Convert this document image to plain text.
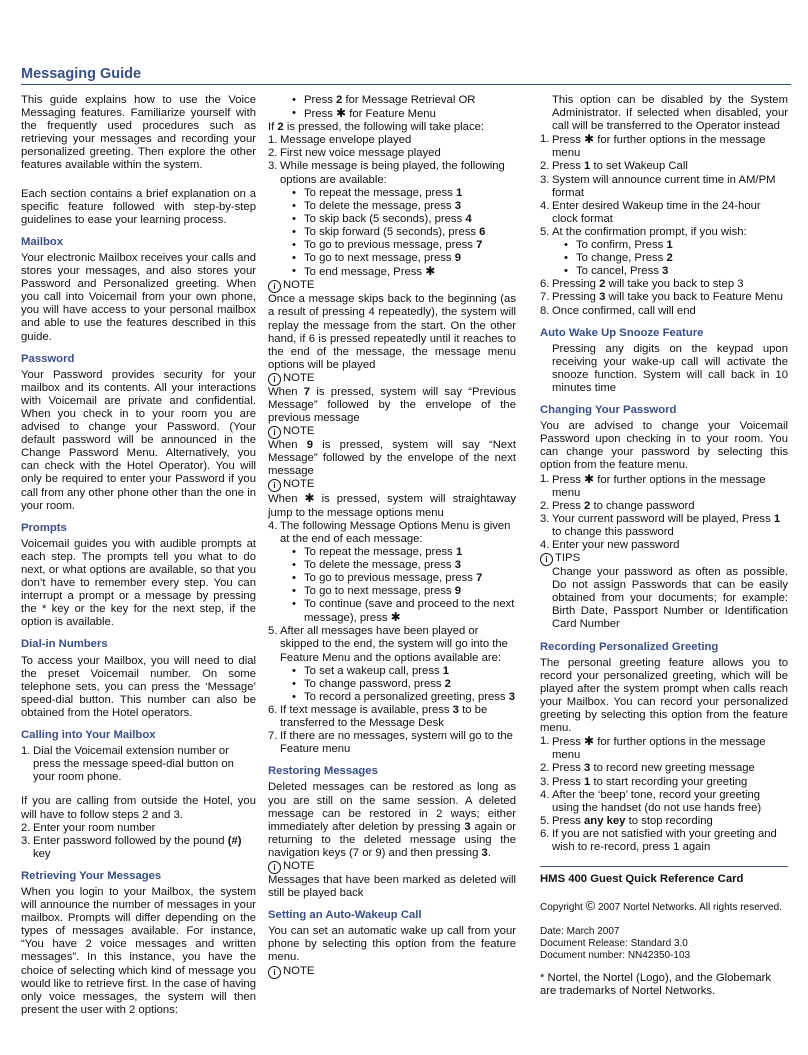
Messaging Guide

This guide explains how to use the Voice Messaging features. Familiarize yourself with the frequently used procedures such as retrieving your messages and recording your personalized greeting. Then explore the other features available within the system.

Each section contains a brief explanation on a specific feature followed with step-by-step guidelines to ease your learning process.

Mailbox

Your electronic Mailbox receives your calls and stores your messages, and also stores your Password and Personalized greeting. When you call into Voicemail from your own phone, you will have access to your personal mailbox and able to use the features described in this guide.

Password

Your Password provides security for your mailbox and its contents. All your interactions with Voicemail are private and confidential. When you check in to your room you are advised to change your Password. (Your default password will be announced in the Change Password Menu. Alternatively, you can check with the Hotel Operator). You will only be required to enter your Password if you call from any other phone other than the one in your room.

Prompts

Voicemail guides you with audible prompts at each step. The prompts tell you what to do next, or what options are available, so that you don’t have to remember every step. You can interrupt a prompt or a message by pressing the * key or the key for the next step, if the option is available.

Dial-in Numbers

To access your Mailbox, you will need to dial the preset Voicemail number. On some telephone sets, you can press the ‘Message’ speed-dial button. This number can also be obtained from the Hotel operators.

Calling into Your Mailbox
1. Dial the Voicemail extension number or press the message speed-dial button on your room phone.

If you are calling from outside the Hotel, you will have to follow steps 2 and 3.

2. Enter your room number
3. Enter password followed by the pound (#) key
Retrieving Your Messages

When you login to your Mailbox, the system will announce the number of messages in your mailbox. Prompts will differ depending on the types of messages available. For instance, “You have 2 voice messages and written messages”. In this instance, you have the choice of selecting which kind of message you would like to retrieve first. In the case of having only voice messages, the system will then present the user with 2 options:

• Press 2 for Message Retrieval OR
• Press ✱ for Feature Menu
If 2 is pressed, the following will take place:
1. Message envelope played
2. First new voice message played
3. While message is being played, the following options are available:
• To repeat the message, press 1
• To delete the message, press 3
• To skip back (5 seconds), press 4
• To skip forward (5 seconds), press 6
• To go to previous message, press 7
• To go to next message, press 9
• To end message, Press ✱
i NOTE

Once a message skips back to the beginning (as a result of pressing 4 repeatedly), the system will replay the message from the start. On the other hand, if 6 is pressed repeatedly until it reaches to the end of the message, the message menu options will be played

i NOTE

When 7 is pressed, system will say “Previous Message” followed by the envelope of the previous message

i NOTE

When 9 is pressed, system will say “Next Message” followed by the envelope of the next message

i NOTE

When ✱ is pressed, system will straightaway jump to the message options menu

4. The following Message Options Menu is given at the end of each message:
• To repeat the message, press 1
• To delete the message, press 3
• To go to previous message, press 7
• To go to next message, press 9
• To continue (save and proceed to the next message), press ✱
5. After all messages have been played or skipped to the end, the system will go into the Feature Menu and the options available are:
• To set a wakeup call, press 1
• To change password, press 2
• To record a personalized greeting, press 3
6. If text message is available, press 3 to be transferred to the Message Desk
7. If there are no messages, system will go to the Feature menu
Restoring Messages

Deleted messages can be restored as long as you are still on the same session. A deleted message can be restored in 2 ways; either immediately after deletion by pressing 3 again or returning to the deleted message using the navigation keys (7 or 9) and then pressing 3.

i NOTE

Messages that have been marked as deleted will still be played back

Setting an Auto-Wakeup Call

You can set an automatic wake up call from your phone by selecting this option from the feature menu.

i NOTE

This option can be disabled by the System Administrator. If selected when disabled, your call will be transferred to the Operator instead

1. Press ✱ for further options in the message menu
2. Press 1 to set Wakeup Call
3. System will announce current time in AM/PM format
4. Enter desired Wakeup time in the 24-hour clock format
5. At the confirmation prompt, if you wish:
• To confirm, Press 1
• To change, Press 2
• To cancel, Press 3
6. Pressing 2 will take you back to step 3
7. Pressing 3 will take you back to Feature Menu
8. Once confirmed, call will end
Auto Wake Up Snooze Feature

Pressing any digits on the keypad upon receiving your wake-up call will activate the snooze function. System will call back in 10 minutes time

Changing Your Password

You are advised to change your Voicemail Password upon checking in to your room. You can change your password by selecting this option from the feature menu.

1. Press ✱ for further options in the message menu
2. Press 2 to change password
3. Your current password will be played, Press 1 to change this password
4. Enter your new password
i TIPS

Change your password as often as possible. Do not assign Passwords that can be easily obtained from your documents; for example: Birth Date, Passport Number or Identification Card Number

Recording Personalized Greeting

The personal greeting feature allows you to record your personalized greeting, which will be played after the system prompt when calls reach your Mailbox. You can record your personalized greeting by selecting this option from the feature menu.

1. Press ✱ for further options in the message menu
2. Press 3 to record new greeting message
3. Press 1 to start recording your greeting
4. After the ‘beep’ tone, record your greeting using the handset (do not use hands free)
5. Press any key to stop recording
6. If you are not satisfied with your greeting and wish to re-record, press 1 again
HMS 400 Guest Quick Reference Card
Copyright © 2007 Nortel Networks. All rights reserved.
Date: March 2007
Document Release: Standard 3.0
Document number: NN42350-103
* Nortel, the Nortel (Logo), and the Globemark are trademarks of Nortel Networks.
